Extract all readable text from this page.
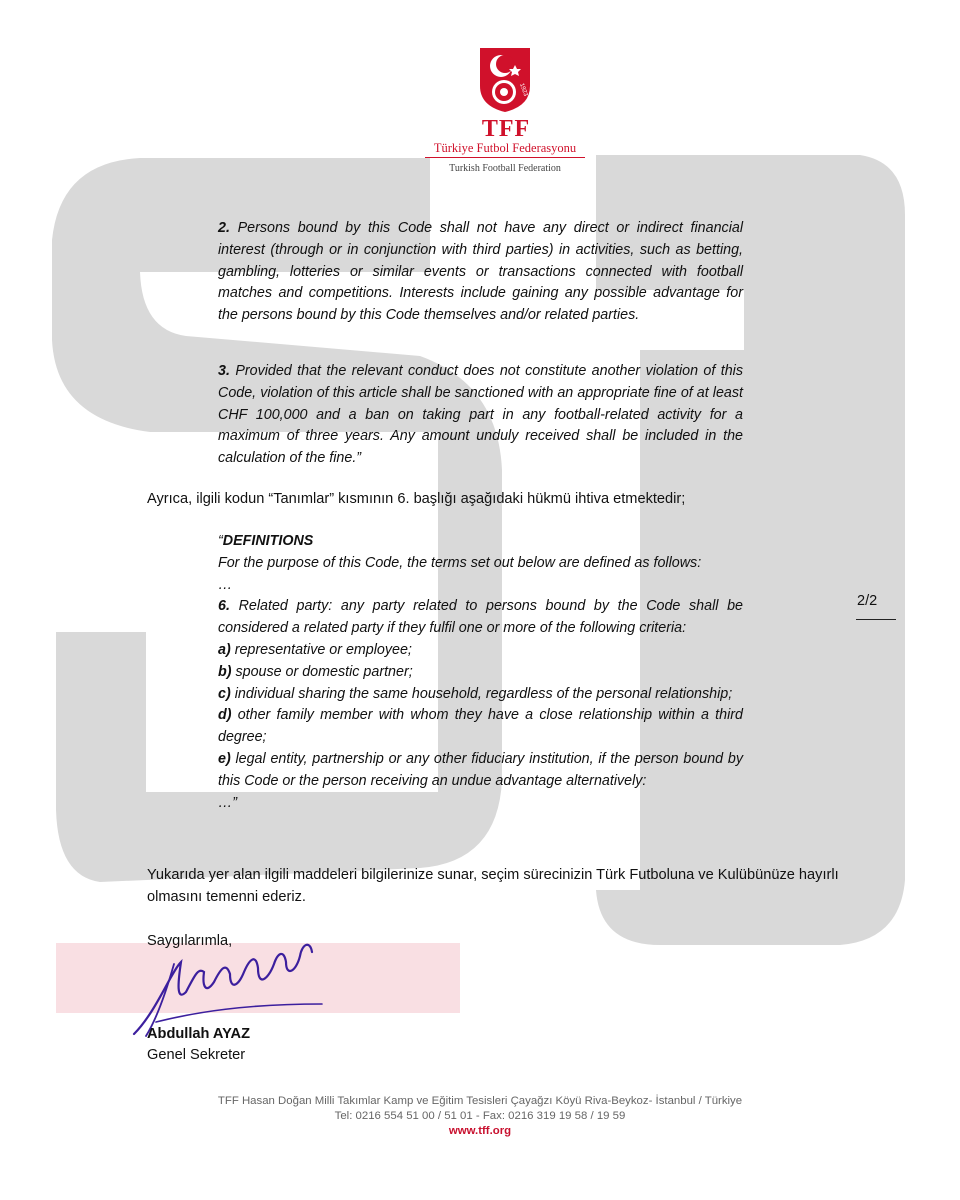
1923
TFF
Türkiye Futbol Federasyonu
Turkish Football Federation
2. Persons bound by this Code shall not have any direct or indirect financial interest (through or in conjunction with third parties) in activities, such as betting, gambling, lotteries or similar events or transactions connected with football matches and competitions. Interests include gaining any possible advantage for the persons bound by this Code themselves and/or related parties.
3. Provided that the relevant conduct does not constitute another violation of this Code, violation of this article shall be sanctioned with an appropriate fine of at least CHF 100,000 and a ban on taking part in any football-related activity for a maximum of three years. Any amount unduly received shall be included in the calculation of the fine.”
Ayrıca, ilgili kodun “Tanımlar” kısmının 6. başlığı aşağıdaki hükmü ihtiva etmektedir;
“DEFINITIONS
For the purpose of this Code, the terms set out below are defined as follows:
…
6. Related party: any party related to persons bound by the Code shall be considered a related party if they fulfil one or more of the following criteria:
a) representative or employee;
b) spouse or domestic partner;
c) individual sharing the same household, regardless of the personal relationship;
d) other family member with whom they have a close relationship within a third degree;
e) legal entity, partnership or any other fiduciary institution, if the person bound by this Code or the person receiving an undue advantage alternatively:
…”
2/2
Yukarıda yer alan ilgili maddeleri bilgilerinize sunar, seçim sürecinizin Türk Futboluna ve Kulübünüze hayırlı olmasını temenni ederiz.
Saygılarımla,
Abdullah AYAZ
Genel Sekreter
TFF Hasan Doğan Milli Takımlar Kamp ve Eğitim Tesisleri Çayağzı Köyü Riva-Beykoz- İstanbul / Türkiye
Tel: 0216 554 51 00 / 51 01 - Fax: 0216 319 19 58 / 19 59
www.tff.org
